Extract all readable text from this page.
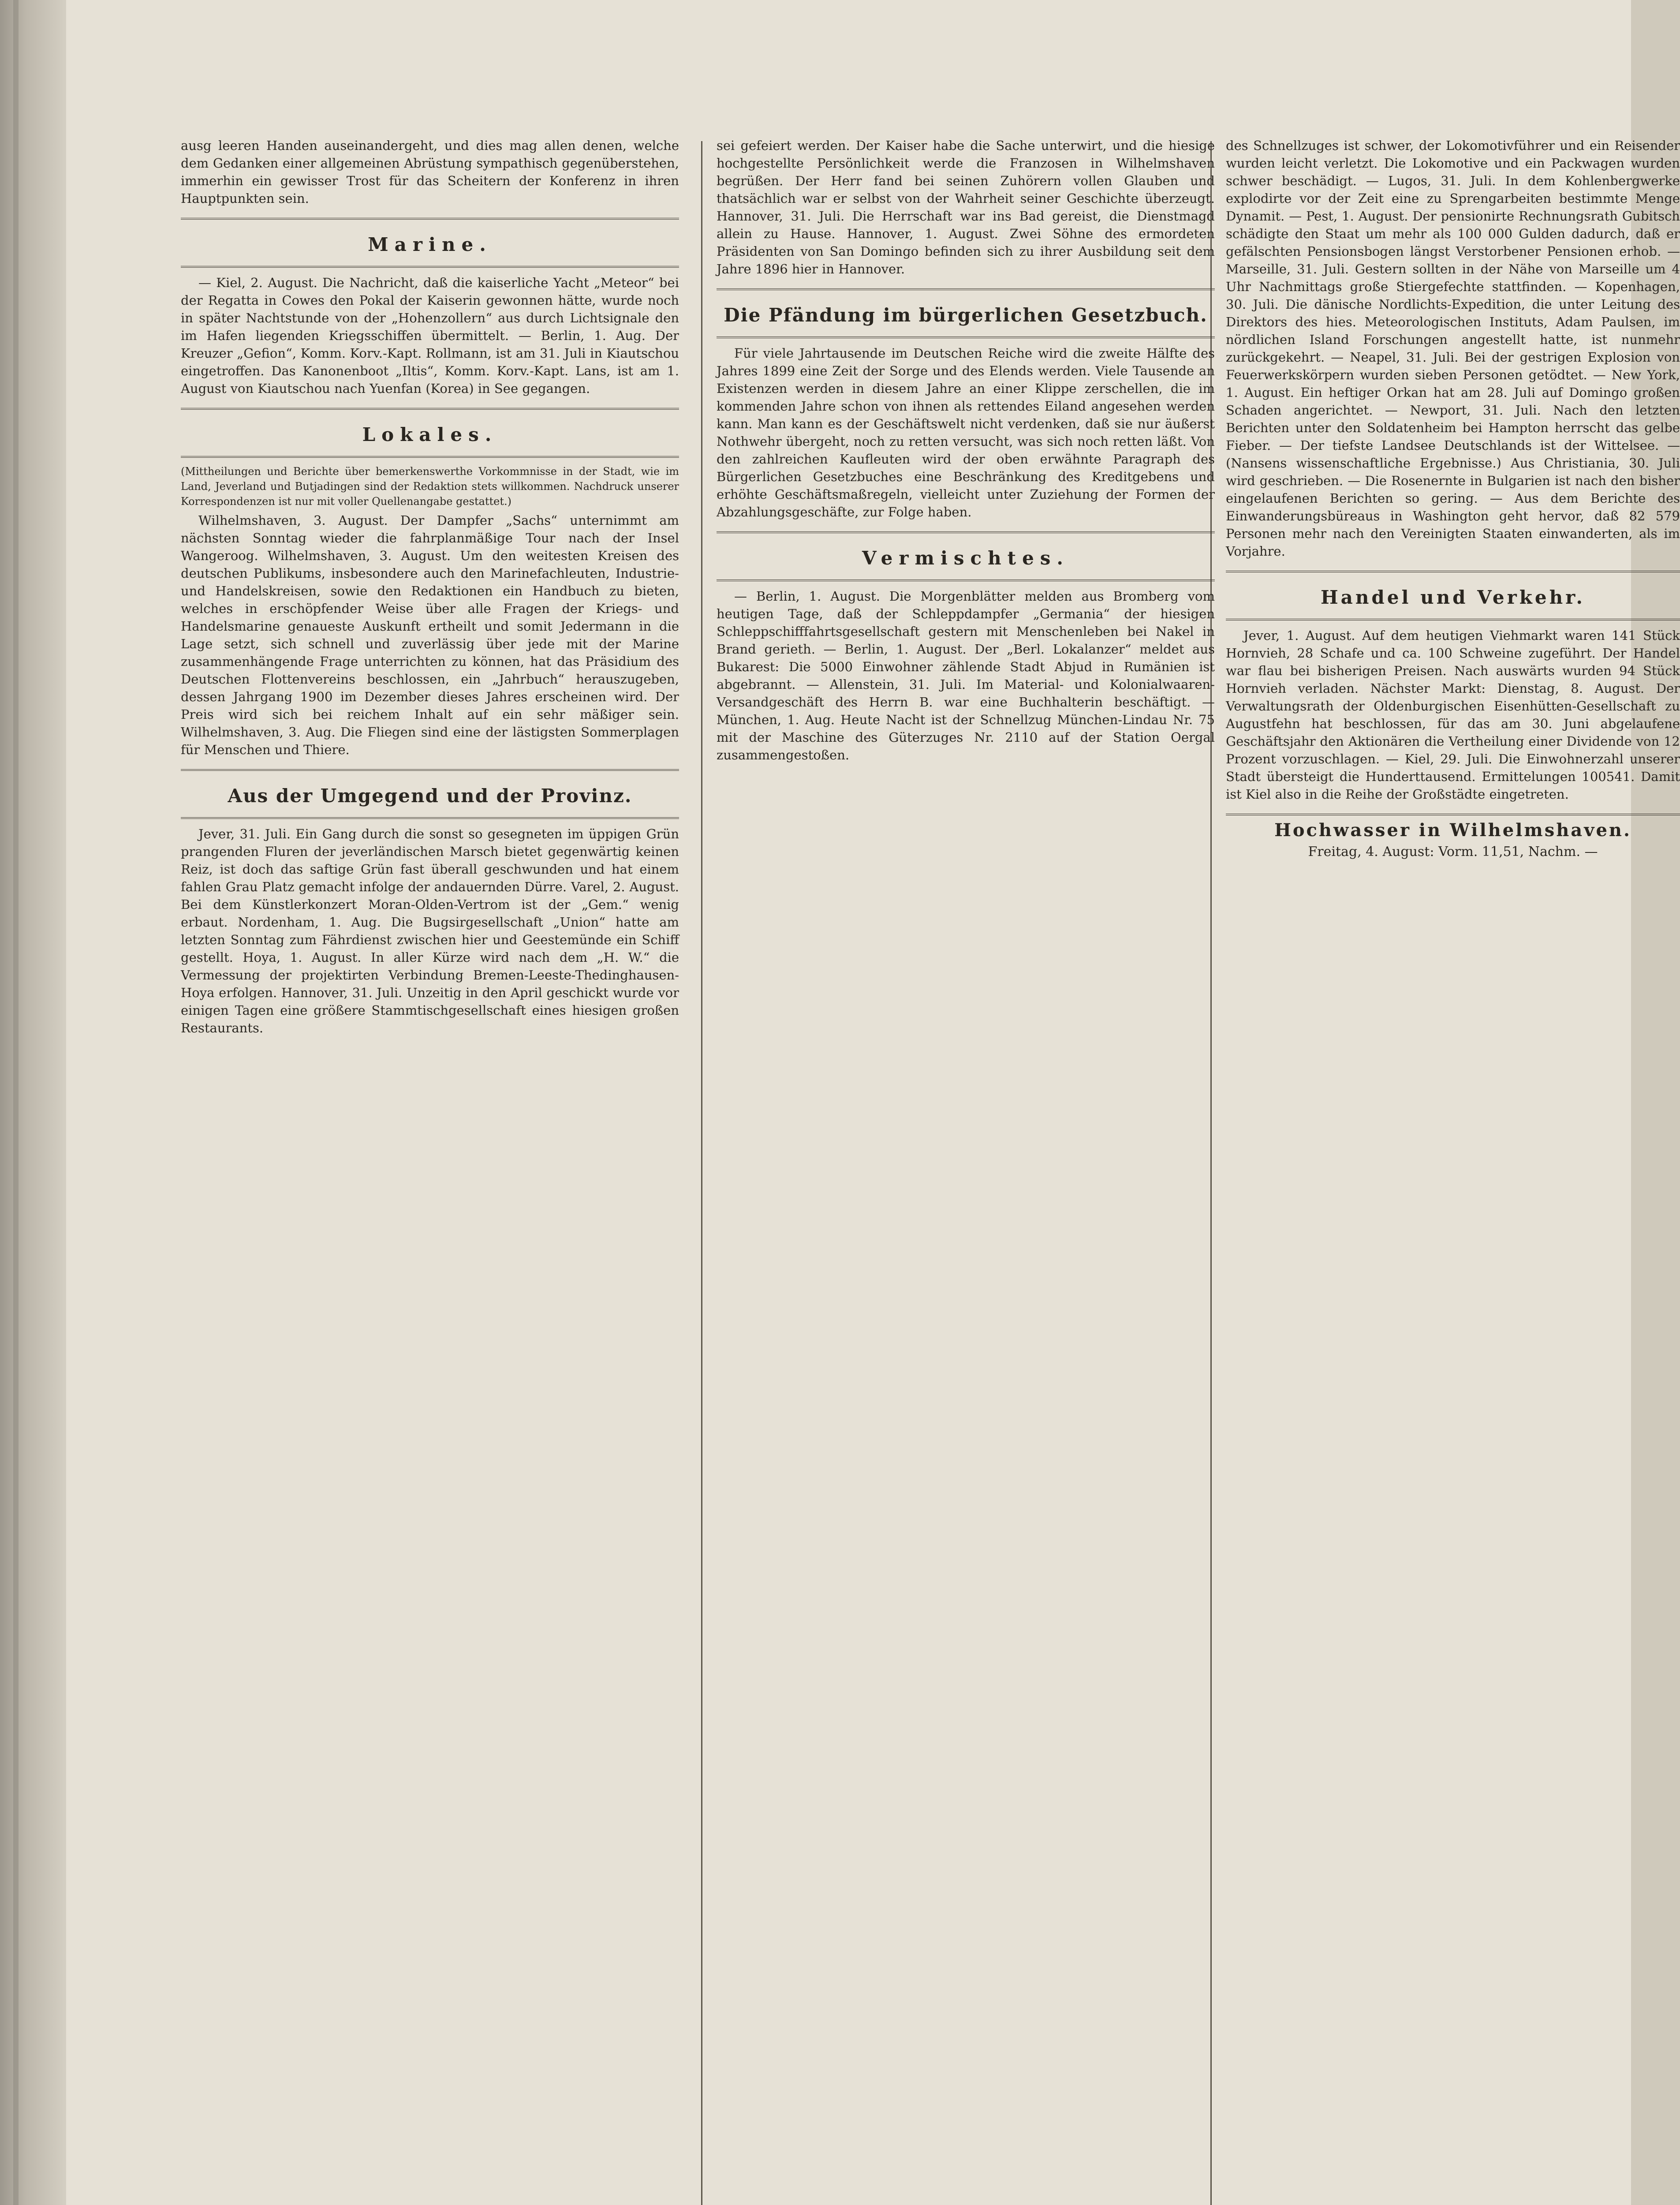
ausg leeren Handen auseinandergeht, und dies mag allen denen, welche dem Gedanken einer allgemeinen Abrüstung sympathisch gegenüberstehen, immerhin ein gewisser Trost für das Scheitern der Konferenz in ihren Hauptpunkten sein.

Marine.

— Kiel, 2. August. Die Nachricht, daß die kaiserliche Yacht „Meteor“ bei der Regatta in Cowes den Pokal der Kaiserin gewonnen hätte, wurde noch in später Nachtstunde von der „Hohenzollern“ aus durch Lichtsignale den im Hafen liegenden Kriegsschiffen übermittelt. — Berlin, 1. Aug. Der Kreuzer „Gefion“, Komm. Korv.-Kapt. Rollmann, ist am 31. Juli in Kiautschou eingetroffen. Das Kanonenboot „Iltis“, Komm. Korv.-Kapt. Lans, ist am 1. August von Kiautschou nach Yuenfan (Korea) in See gegangen.

Lokales.

(Mittheilungen und Berichte über bemerkenswerthe Vorkommnisse in der Stadt, wie im Land, Jeverland und Butjadingen sind der Redaktion stets willkommen. Nachdruck unserer Korrespondenzen ist nur mit voller Quellenangabe gestattet.)

Wilhelmshaven, 3. August. Der Dampfer „Sachs“ unternimmt am nächsten Sonntag wieder die fahrplanmäßige Tour nach der Insel Wangeroog. Wilhelmshaven, 3. August. Um den weitesten Kreisen des deutschen Publikums, insbesondere auch den Marinefachleuten, Industrie- und Handelskreisen, sowie den Redaktionen ein Handbuch zu bieten, welches in erschöpfender Weise über alle Fragen der Kriegs- und Handelsmarine genaueste Auskunft ertheilt und somit Jedermann in die Lage setzt, sich schnell und zuverlässig über jede mit der Marine zusammenhängende Frage unterrichten zu können, hat das Präsidium des Deutschen Flottenvereins beschlossen, ein „Jahrbuch“ herauszugeben, dessen Jahrgang 1900 im Dezember dieses Jahres erscheinen wird. Der Preis wird sich bei reichem Inhalt auf ein sehr mäßiger sein. Wilhelmshaven, 3. Aug. Die Fliegen sind eine der lästigsten Sommerplagen für Menschen und Thiere.

Aus der Umgegend und der Provinz.

Jever, 31. Juli. Ein Gang durch die sonst so gesegneten im üppigen Grün prangenden Fluren der jeverländischen Marsch bietet gegenwärtig keinen Reiz, ist doch das saftige Grün fast überall geschwunden und hat einem fahlen Grau Platz gemacht infolge der andauernden Dürre. Varel, 2. August. Bei dem Künstlerkonzert Moran-Olden-Vertrom ist der „Gem.“ wenig erbaut. Nordenham, 1. Aug. Die Bugsirgesellschaft „Union“ hatte am letzten Sonntag zum Fährdienst zwischen hier und Geestemünde ein Schiff gestellt. Hoya, 1. August. In aller Kürze wird nach dem „H. W.“ die Vermessung der projektirten Verbindung Bremen-Leeste-Thedinghausen-Hoya erfolgen. Hannover, 31. Juli. Unzeitig in den April geschickt wurde vor einigen Tagen eine größere Stammtischgesellschaft eines hiesigen großen Restaurants.

sei gefeiert werden. Der Kaiser habe die Sache unterwirt, und die hiesige hochgestellte Persönlichkeit werde die Franzosen in Wilhelmshaven begrüßen. Der Herr fand bei seinen Zuhörern vollen Glauben und thatsächlich war er selbst von der Wahrheit seiner Geschichte überzeugt. Hannover, 31. Juli. Die Herrschaft war ins Bad gereist, die Dienstmagd allein zu Hause. Hannover, 1. August. Zwei Söhne des ermordeten Präsidenten von San Domingo befinden sich zu ihrer Ausbildung seit dem Jahre 1896 hier in Hannover.

Die Pfändung im bürgerlichen Gesetzbuch.

Für viele Jahrtausende im Deutschen Reiche wird die zweite Hälfte des Jahres 1899 eine Zeit der Sorge und des Elends werden. Viele Tausende an Existenzen werden in diesem Jahre an einer Klippe zerschellen, die im kommenden Jahre schon von ihnen als rettendes Eiland angesehen werden kann. Man kann es der Geschäftswelt nicht verdenken, daß sie nur äußerst Nothwehr übergeht, noch zu retten versucht, was sich noch retten läßt. Von den zahlreichen Kaufleuten wird der oben erwähnte Paragraph des Bürgerlichen Gesetzbuches eine Beschränkung des Kreditgebens und erhöhte Geschäftsmaßregeln, vielleicht unter Zuziehung der Formen der Abzahlungsgeschäfte, zur Folge haben.

Vermischtes.

— Berlin, 1. August. Die Morgenblätter melden aus Bromberg vom heutigen Tage, daß der Schleppdampfer „Germania“ der hiesigen Schleppschifffahrtsgesellschaft gestern mit Menschenleben bei Nakel in Brand gerieth. — Berlin, 1. August. Der „Berl. Lokalanzer“ meldet aus Bukarest: Die 5000 Einwohner zählende Stadt Abjud in Rumänien ist abgebrannt. — Allenstein, 31. Juli. Im Material- und Kolonialwaaren-Versandgeschäft des Herrn B. war eine Buchhalterin beschäftigt. — München, 1. Aug. Heute Nacht ist der Schnellzug München-Lindau Nr. 75 mit der Maschine des Güterzuges Nr. 2110 auf der Station Oergal zusammengestoßen.

des Schnellzuges ist schwer, der Lokomotivführer und ein Reisender wurden leicht verletzt. Die Lokomotive und ein Packwagen wurden schwer beschädigt. — Lugos, 31. Juli. In dem Kohlenbergwerke explodirte vor der Zeit eine zu Sprengarbeiten bestimmte Menge Dynamit. — Pest, 1. August. Der pensionirte Rechnungsrath Gubitsch schädigte den Staat um mehr als 100 000 Gulden dadurch, daß er gefälschten Pensionsbogen längst Verstorbener Pensionen erhob. — Marseille, 31. Juli. Gestern sollten in der Nähe von Marseille um 4 Uhr Nachmittags große Stiergefechte stattfinden. — Kopenhagen, 30. Juli. Die dänische Nordlichts-Expedition, die unter Leitung des Direktors des hies. Meteorologischen Instituts, Adam Paulsen, im nördlichen Island Forschungen angestellt hatte, ist nunmehr zurückgekehrt. — Neapel, 31. Juli. Bei der gestrigen Explosion von Feuerwerkskörpern wurden sieben Personen getödtet. — New York, 1. August. Ein heftiger Orkan hat am 28. Juli auf Domingo großen Schaden angerichtet. — Newport, 31. Juli. Nach den letzten Berichten unter den Soldatenheim bei Hampton herrscht das gelbe Fieber. — Der tiefste Landsee Deutschlands ist der Wittelsee. — (Nansens wissenschaftliche Ergebnisse.) Aus Christiania, 30. Juli wird geschrieben. — Die Rosenernte in Bulgarien ist nach den bisher eingelaufenen Berichten so gering. — Aus dem Berichte des Einwanderungsbüreaus in Washington geht hervor, daß 82 579 Personen mehr nach den Vereinigten Staaten einwanderten, als im Vorjahre.

Handel und Verkehr.

Jever, 1. August. Auf dem heutigen Viehmarkt waren 141 Stück Hornvieh, 28 Schafe und ca. 100 Schweine zugeführt. Der Handel war flau bei bisherigen Preisen. Nach auswärts wurden 94 Stück Hornvieh verladen. Nächster Markt: Dienstag, 8. August. Der Verwaltungsrath der Oldenburgischen Eisenhütten-Gesellschaft zu Augustfehn hat beschlossen, für das am 30. Juni abgelaufene Geschäftsjahr den Aktionären die Vertheilung einer Dividende von 12 Prozent vorzuschlagen. — Kiel, 29. Juli. Die Einwohnerzahl unserer Stadt übersteigt die Hunderttausend. Ermittelungen 100541. Damit ist Kiel also in die Reihe der Großstädte eingetreten.

Hochwasser in Wilhelmshaven.
Freitag, 4. August: Vorm. 11,51, Nachm. —
